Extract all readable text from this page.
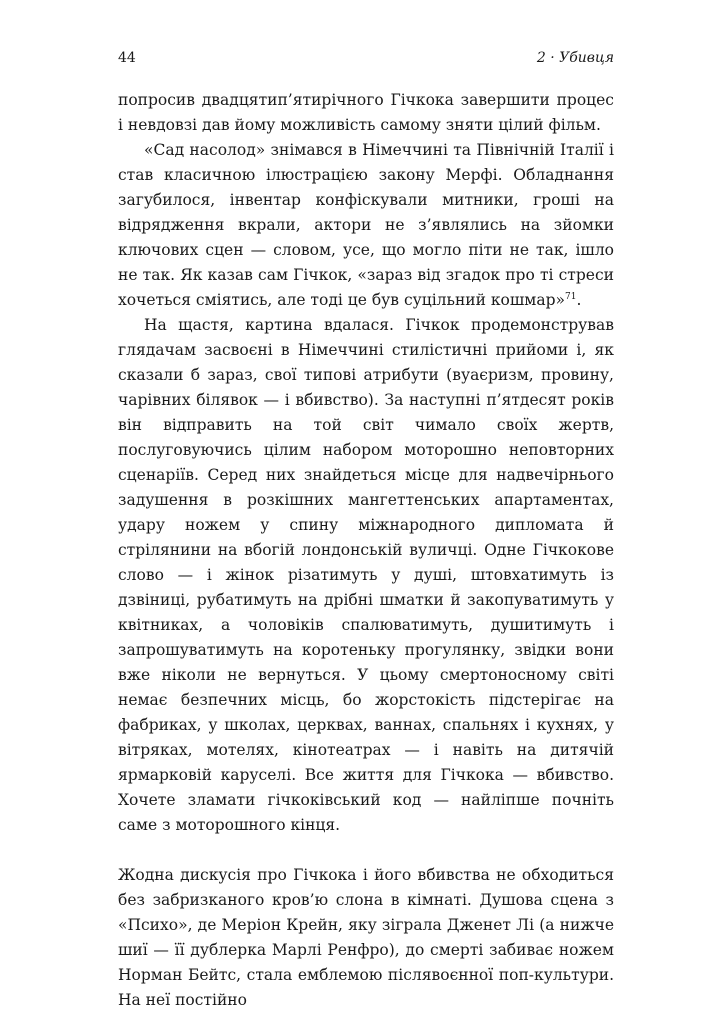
44	2 · Убивця

попросив двадцятип’ятирічного Гічкока завершити процес і невдовзі дав йому можливість самому зняти цілий фільм.

«Сад насолод» знімався в Німеччині та Північній Італії і став класичною ілюстрацією закону Мерфі. Обладнання загубилося, інвентар конфіскували митники, гроші на відрядження вкрали, актори не з’являлись на зйомки ключових сцен — словом, усе, що могло піти не так, ішло не так. Як казав сам Гічкок, «зараз від згадок про ті стреси хочеться сміятись, але тоді це був суцільний кошмар»$^{71}$.

На щастя, картина вдалася. Гічкок продемонстрував глядачам засвоєні в Німеччині стилістичні прийоми і, як сказали б зараз, свої типові атрибути (вуаєризм, провину, чарівних білявок — і вбивство). За наступні п’ятдесят років він відправить на той світ чимало своїх жертв, послуговуючись цілим набором моторошно неповторних сценаріїв. Серед них знайдеться місце для надвечірнього задушення в розкішних мангеттенських апартаментах, удару ножем у спину міжнародного дипломата й стрілянини на вбогій лондонській вуличці. Одне Гічкокове слово — і жінок різатимуть у душі, штовхатимуть із дзвіниці, рубатимуть на дрібні шматки й закопуватимуть у квітниках, а чоловіків спалюватимуть, душитимуть і запрошуватимуть на коротеньку прогулянку, звідки вони вже ніколи не вернуться. У цьому смертоносному світі немає безпечних місць, бо жорстокість підстерігає на фабриках, у школах, церквах, ваннах, спальнях і кухнях, у вітряках, мотелях, кінотеатрах — і навіть на дитячій ярмарковій каруселі. Все життя для Гічкока — вбивство. Хочете зламати гічкоківський код — найліпше почніть саме з моторошного кінця.

Жодна дискусія про Гічкока і його вбивства не обходиться без забризканого кров’ю слона в кімнаті. Душова сцена з «Психо», де Меріон Крейн, яку зіграла Дженет Лі (а нижче шиї — її дублерка Марлі Ренфро), до смерті забиває ножем Норман Бейтс, стала емблемою післявоєнної поп-культури. На неї постійно
